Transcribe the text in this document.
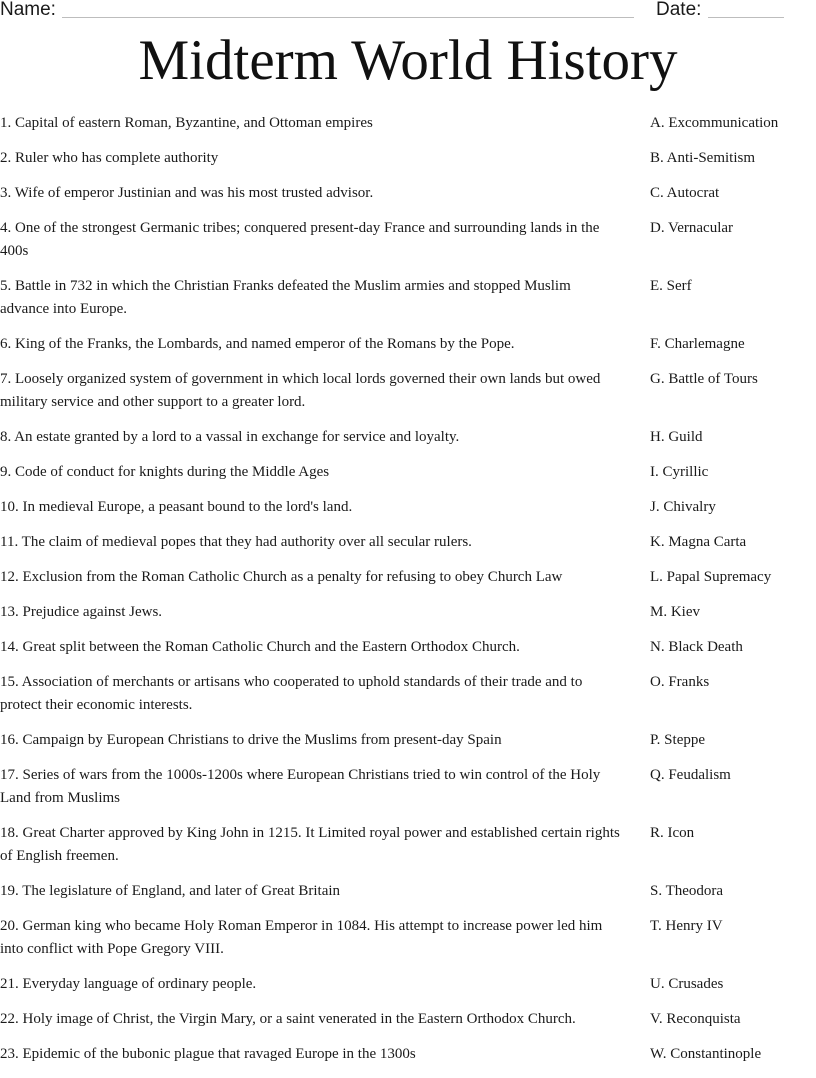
Name:	Date:
Midterm World History
1. Capital of eastern Roman, Byzantine, and Ottoman empires	A. Excommunication
2. Ruler who has complete authority	B. Anti-Semitism
3. Wife of emperor Justinian and was his most trusted advisor.	C. Autocrat
4. One of the strongest Germanic tribes; conquered present-day France and surrounding lands in the 400s
D. Vernacular
5. Battle in 732 in which the Christian Franks defeated the Muslim armies and stopped Muslim advance into Europe.
E. Serf
6. King of the Franks, the Lombards, and named emperor of the Romans by the Pope.	F. Charlemagne
7. Loosely organized system of government in which local lords governed their own lands but owed military service and other support to a greater lord.
G. Battle of Tours
8. An estate granted by a lord to a vassal in exchange for service and loyalty.	H. Guild
9. Code of conduct for knights during the Middle Ages	I. Cyrillic
10. In medieval Europe, a peasant bound to the lord's land.	J. Chivalry
11. The claim of medieval popes that they had authority over all secular rulers.	K. Magna Carta
12. Exclusion from the Roman Catholic Church as a penalty for refusing to obey Church Law	L. Papal Supremacy
13. Prejudice against Jews.	M. Kiev
14. Great split between the Roman Catholic Church and the Eastern Orthodox Church.	N. Black Death
15. Association of merchants or artisans who cooperated to uphold standards of their trade and to protect their economic interests.
O. Franks
16. Campaign by European Christians to drive the Muslims from present-day Spain	P. Steppe
17. Series of wars from the 1000s-1200s where European Christians tried to win control of the Holy Land from Muslims
Q. Feudalism
18. Great Charter approved by King John in 1215. It Limited royal power and established certain rights of English freemen.
R. Icon
19. The legislature of England, and later of Great Britain	S. Theodora
20. German king who became Holy Roman Emperor in 1084. His attempt to increase power led him into conflict with Pope Gregory VIII.
T. Henry IV
21. Everyday language of ordinary people.	U. Crusades
22. Holy image of Christ, the Virgin Mary, or a saint venerated in the Eastern Orthodox Church.	V. Reconquista
23. Epidemic of the bubonic plague that ravaged Europe in the 1300s	W. Constantinople
